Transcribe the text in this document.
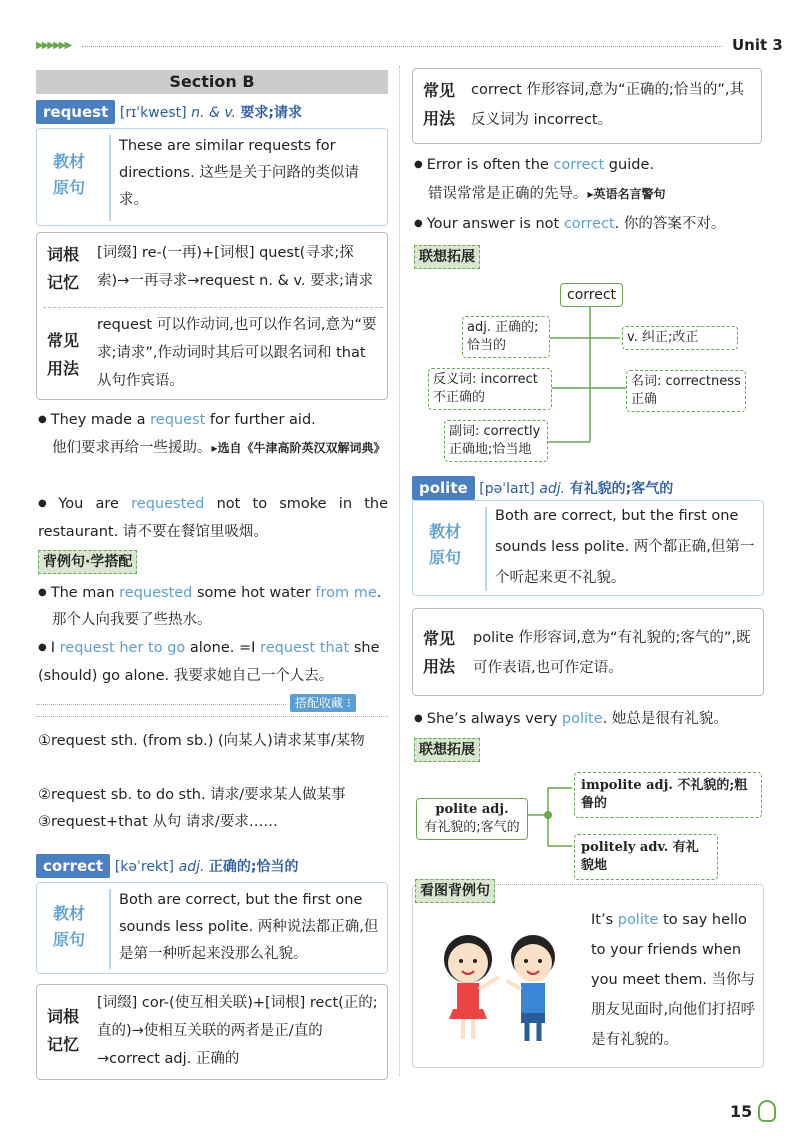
▶▶▶▶▶▶	Unit 3
Section B
request [rɪˈkwest] n. & v. 要求;请求
教材
原句
These are similar requests for directions. 这些是关于问路的类似请求。
词根
记忆
[词缀] re-(一再)+[词根] quest(寻求;探索)→一再寻求→request n. & v. 要求;请求
常见
用法
request 可以作动词,也可以作名词,意为“要求;请求”,作动词时其后可以跟名词和 that 从句作宾语。
● They made a request for further aid.
他们要求再给一些援助。▸选自《牛津高阶英汉双解词典》
● You are requested not to smoke in the restaurant. 请不要在餐馆里吸烟。
背例句·学搭配
● The man requested some hot water from me.
那个人向我要了些热水。
● I request her to go alone. =I request that she (should) go alone. 我要求她自己一个人去。
搭配收藏 ⁝
①request sth. (from sb.) (向某人)请求某事/某物
②request sb. to do sth. 请求/要求某人做某事
③request+that 从句 请求/要求……
correct [kəˈrekt] adj. 正确的;恰当的
教材
原句
Both are correct, but the first one sounds less polite. 两种说法都正确,但是第一种听起来没那么礼貌。
词根
记忆
[词缀] cor-(使互相关联)+[词根] rect(正的;直的)→使相互关联的两者是正/直的→correct adj. 正确的
常见
用法
correct 作形容词,意为“正确的;恰当的”,其反义词为 incorrect。
● Error is often the correct guide.
错误常常是正确的先导。▸英语名言警句
● Your answer is not correct. 你的答案不对。
联想拓展
correct
adj. 正确的;恰当的
v. 纠正;改正
反义词: incorrect 不正确的
名词: correctness 正确
副词: correctly 正确地;恰当地
polite [pəˈlaɪt] adj. 有礼貌的;客气的
教材
原句
Both are correct, but the first one sounds less polite. 两个都正确,但第一个听起来更不礼貌。
常见
用法
polite 作形容词,意为“有礼貌的;客气的”,既可作表语,也可作定语。
● She’s always very polite. 她总是很有礼貌。
联想拓展
polite adj.
有礼貌的;客气的
impolite adj. 不礼貌的;粗鲁的
politely adv. 有礼貌地
看图背例句
It’s polite to say hello to your friends when you meet them. 当你与朋友见面时,向他们打招呼是有礼貌的。
15
